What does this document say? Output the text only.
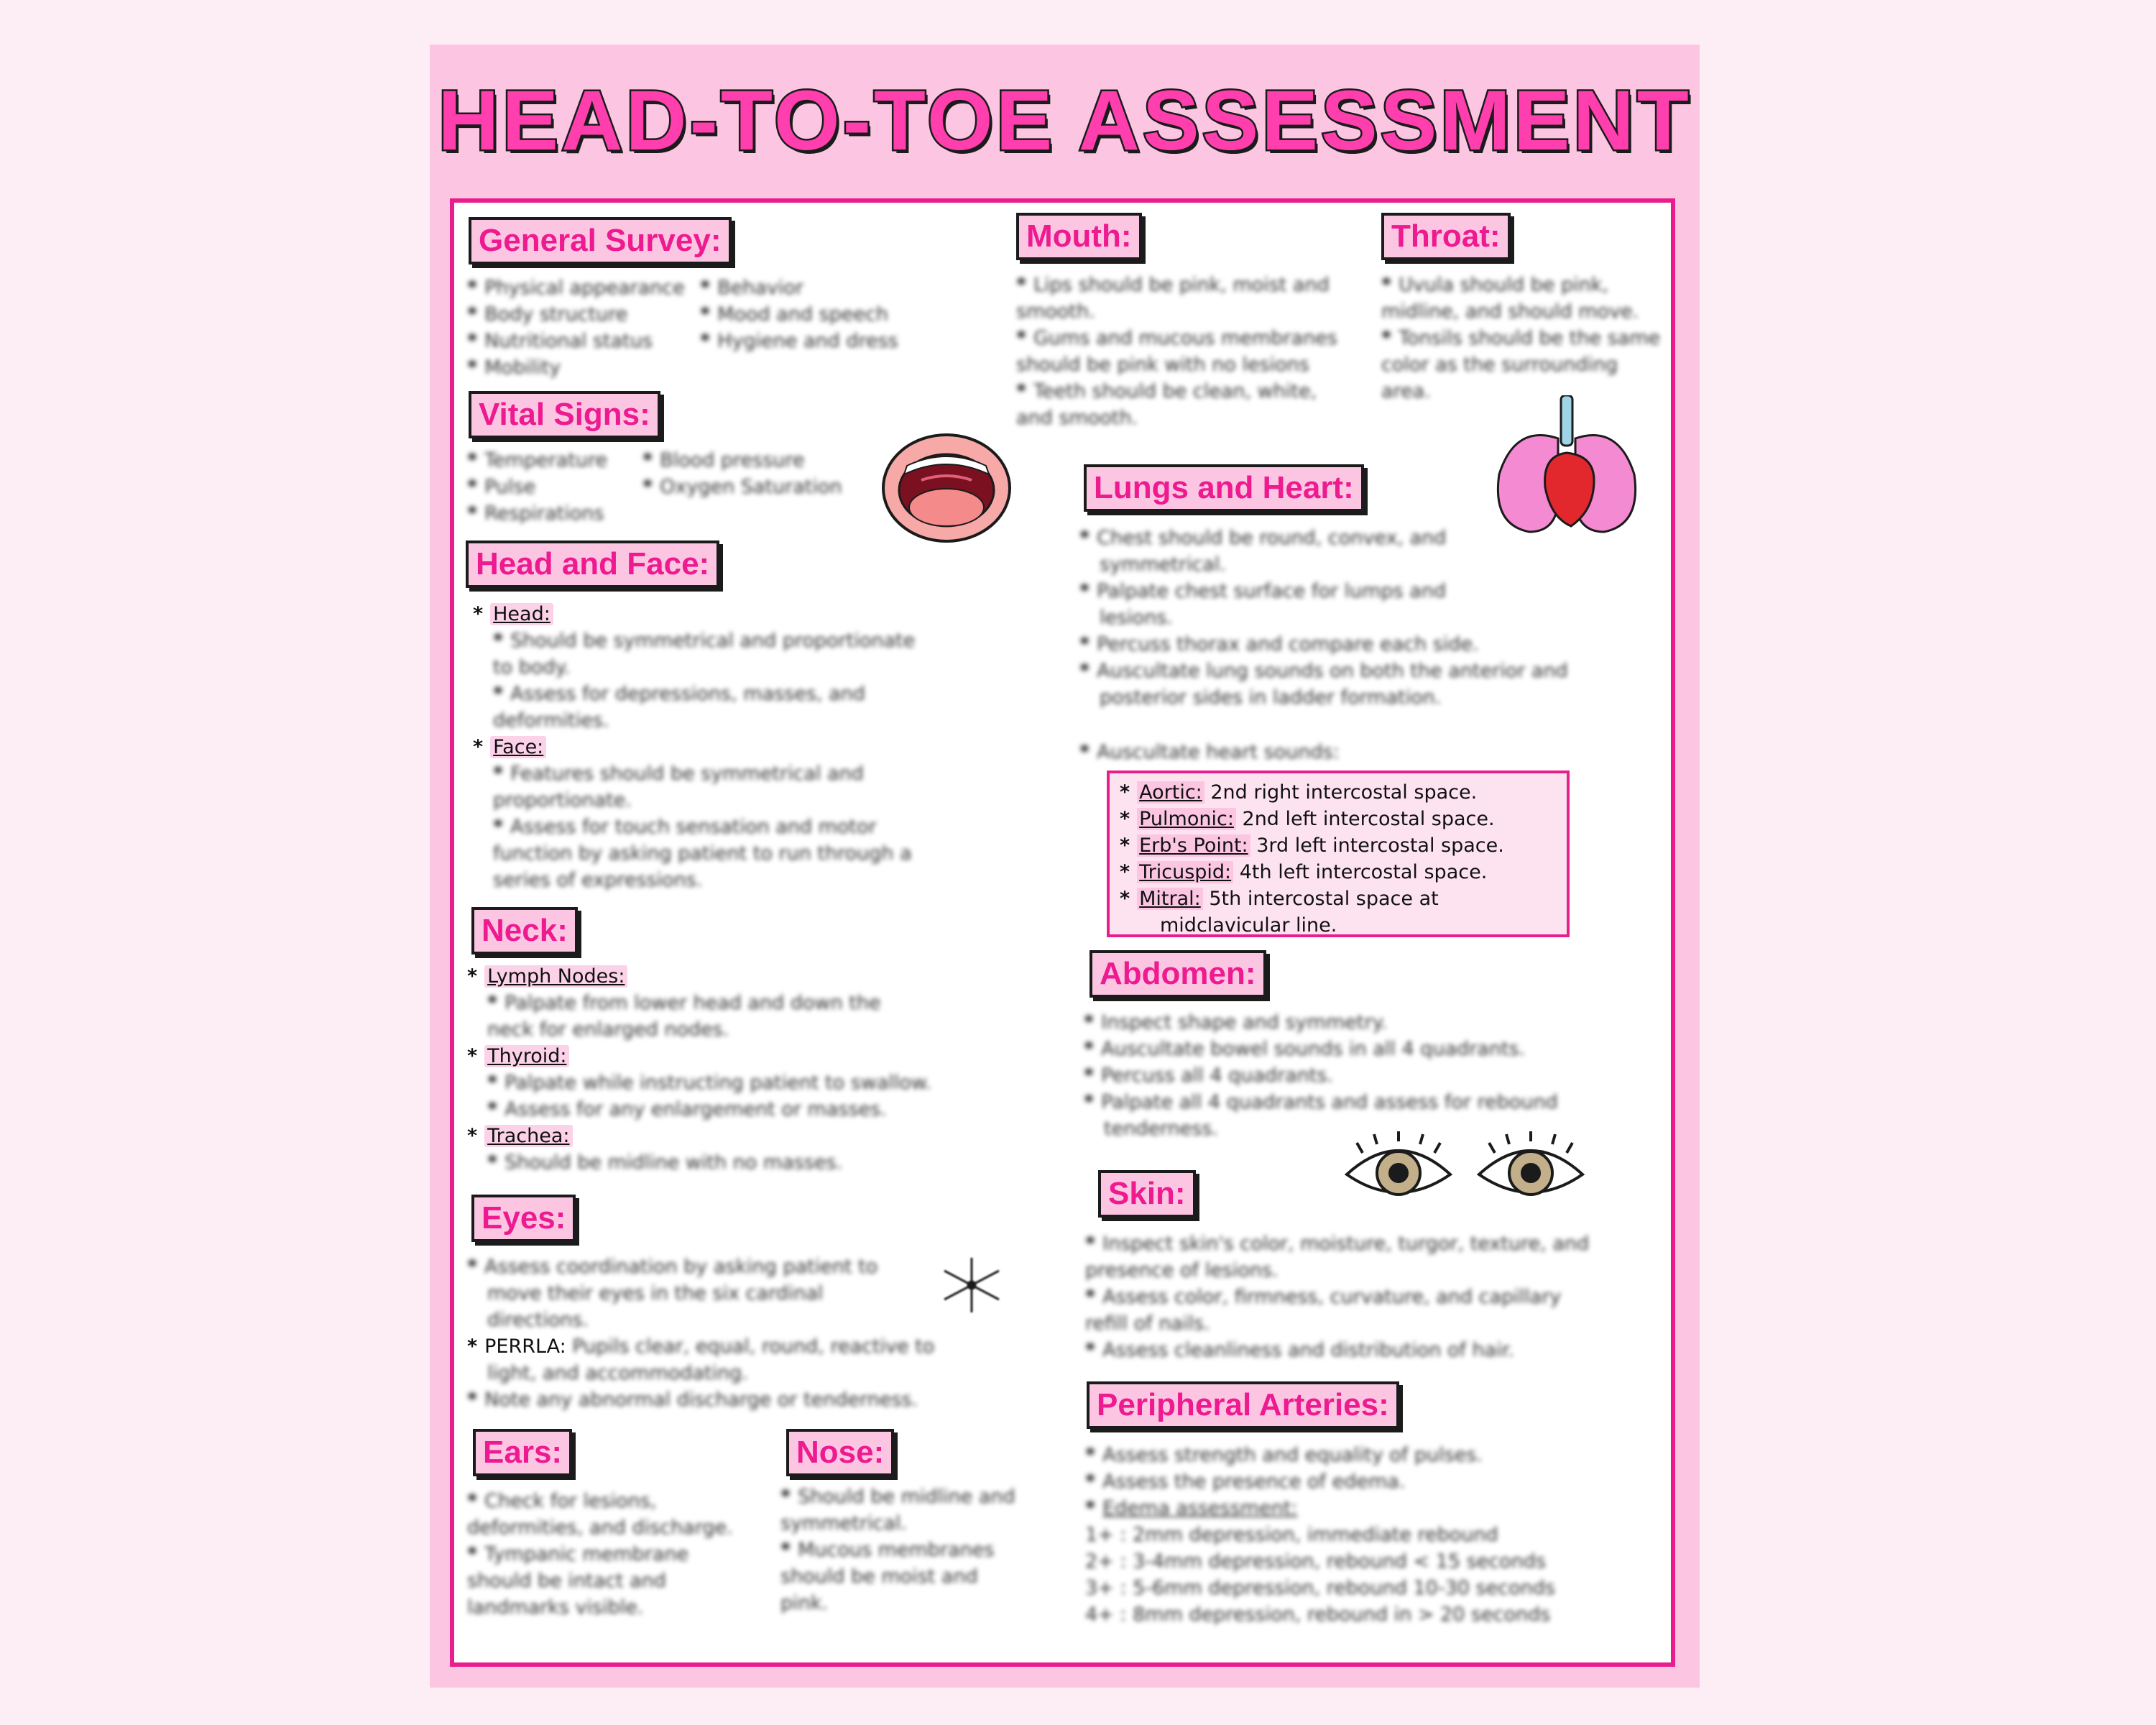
HEAD-TO-TOE ASSESSMENT
General Survey:
* Physical appearance
* Body structure
* Nutritional status
* Mobility
* Behavior
* Mood and speech
* Hygiene and dress
Vital Signs:
* Temperature
* Pulse
* Respirations
* Blood pressure
* Oxygen Saturation
Head and Face:
* Head:
* Should be symmetrical and proportionate
to body.
* Assess for depressions, masses, and
deformities.
* Face:
* Features should be symmetrical and
proportionate.
* Assess for touch sensation and motor
function by asking patient to run through a
series of expressions.
Neck:
* Lymph Nodes:
* Palpate from lower head and down the
neck for enlarged nodes.
* Thyroid:
* Palpate while instructing patient to swallow.
* Assess for any enlargement or masses.
* Trachea:
* Should be midline with no masses.
Eyes:
* Assess coordination by asking patient to
move their eyes in the six cardinal
directions.
* PERRLA: Pupils clear, equal, round, reactive to
light, and accommodating.
* Note any abnormal discharge or tenderness.
Ears:
* Check for lesions,
deformities, and discharge.
* Tympanic membrane
should be intact and
landmarks visible.
Nose:
* Should be midline and
symmetrical.
* Mucous membranes
should be moist and
pink.
Mouth:
* Lips should be pink, moist and
smooth.
* Gums and mucous membranes
should be pink with no lesions
* Teeth should be clean, white,
and smooth.
Throat:
* Uvula should be pink,
midline, and should move.
* Tonsils should be the same
color as the surrounding
area.
Lungs and Heart:
* Chest should be round, convex, and
symmetrical.
* Palpate chest surface for lumps and
lesions.
* Percuss thorax and compare each side.
* Auscultate lung sounds on both the anterior and
posterior sides in ladder formation.
* Auscultate heart sounds:
* Aortic: 2nd right intercostal space.
* Pulmonic: 2nd left intercostal space.
* Erb's Point: 3rd left intercostal space.
* Tricuspid: 4th left intercostal space.
* Mitral: 5th intercostal space at
midclavicular line.
Abdomen:
* Inspect shape and symmetry.
* Auscultate bowel sounds in all 4 quadrants.
* Percuss all 4 quadrants.
* Palpate all 4 quadrants and assess for rebound
tenderness.
Skin:
* Inspect skin's color, moisture, turgor, texture, and
presence of lesions.
* Assess color, firmness, curvature, and capillary
refill of nails.
* Assess cleanliness and distribution of hair.
Peripheral Arteries:
* Assess strength and equality of pulses.
* Assess the presence of edema.
* Edema assessment:
1+ : 2mm depression, immediate rebound
2+ : 3-4mm depression, rebound < 15 seconds
3+ : 5-6mm depression, rebound 10-30 seconds
4+ : 8mm depression, rebound in > 20 seconds
